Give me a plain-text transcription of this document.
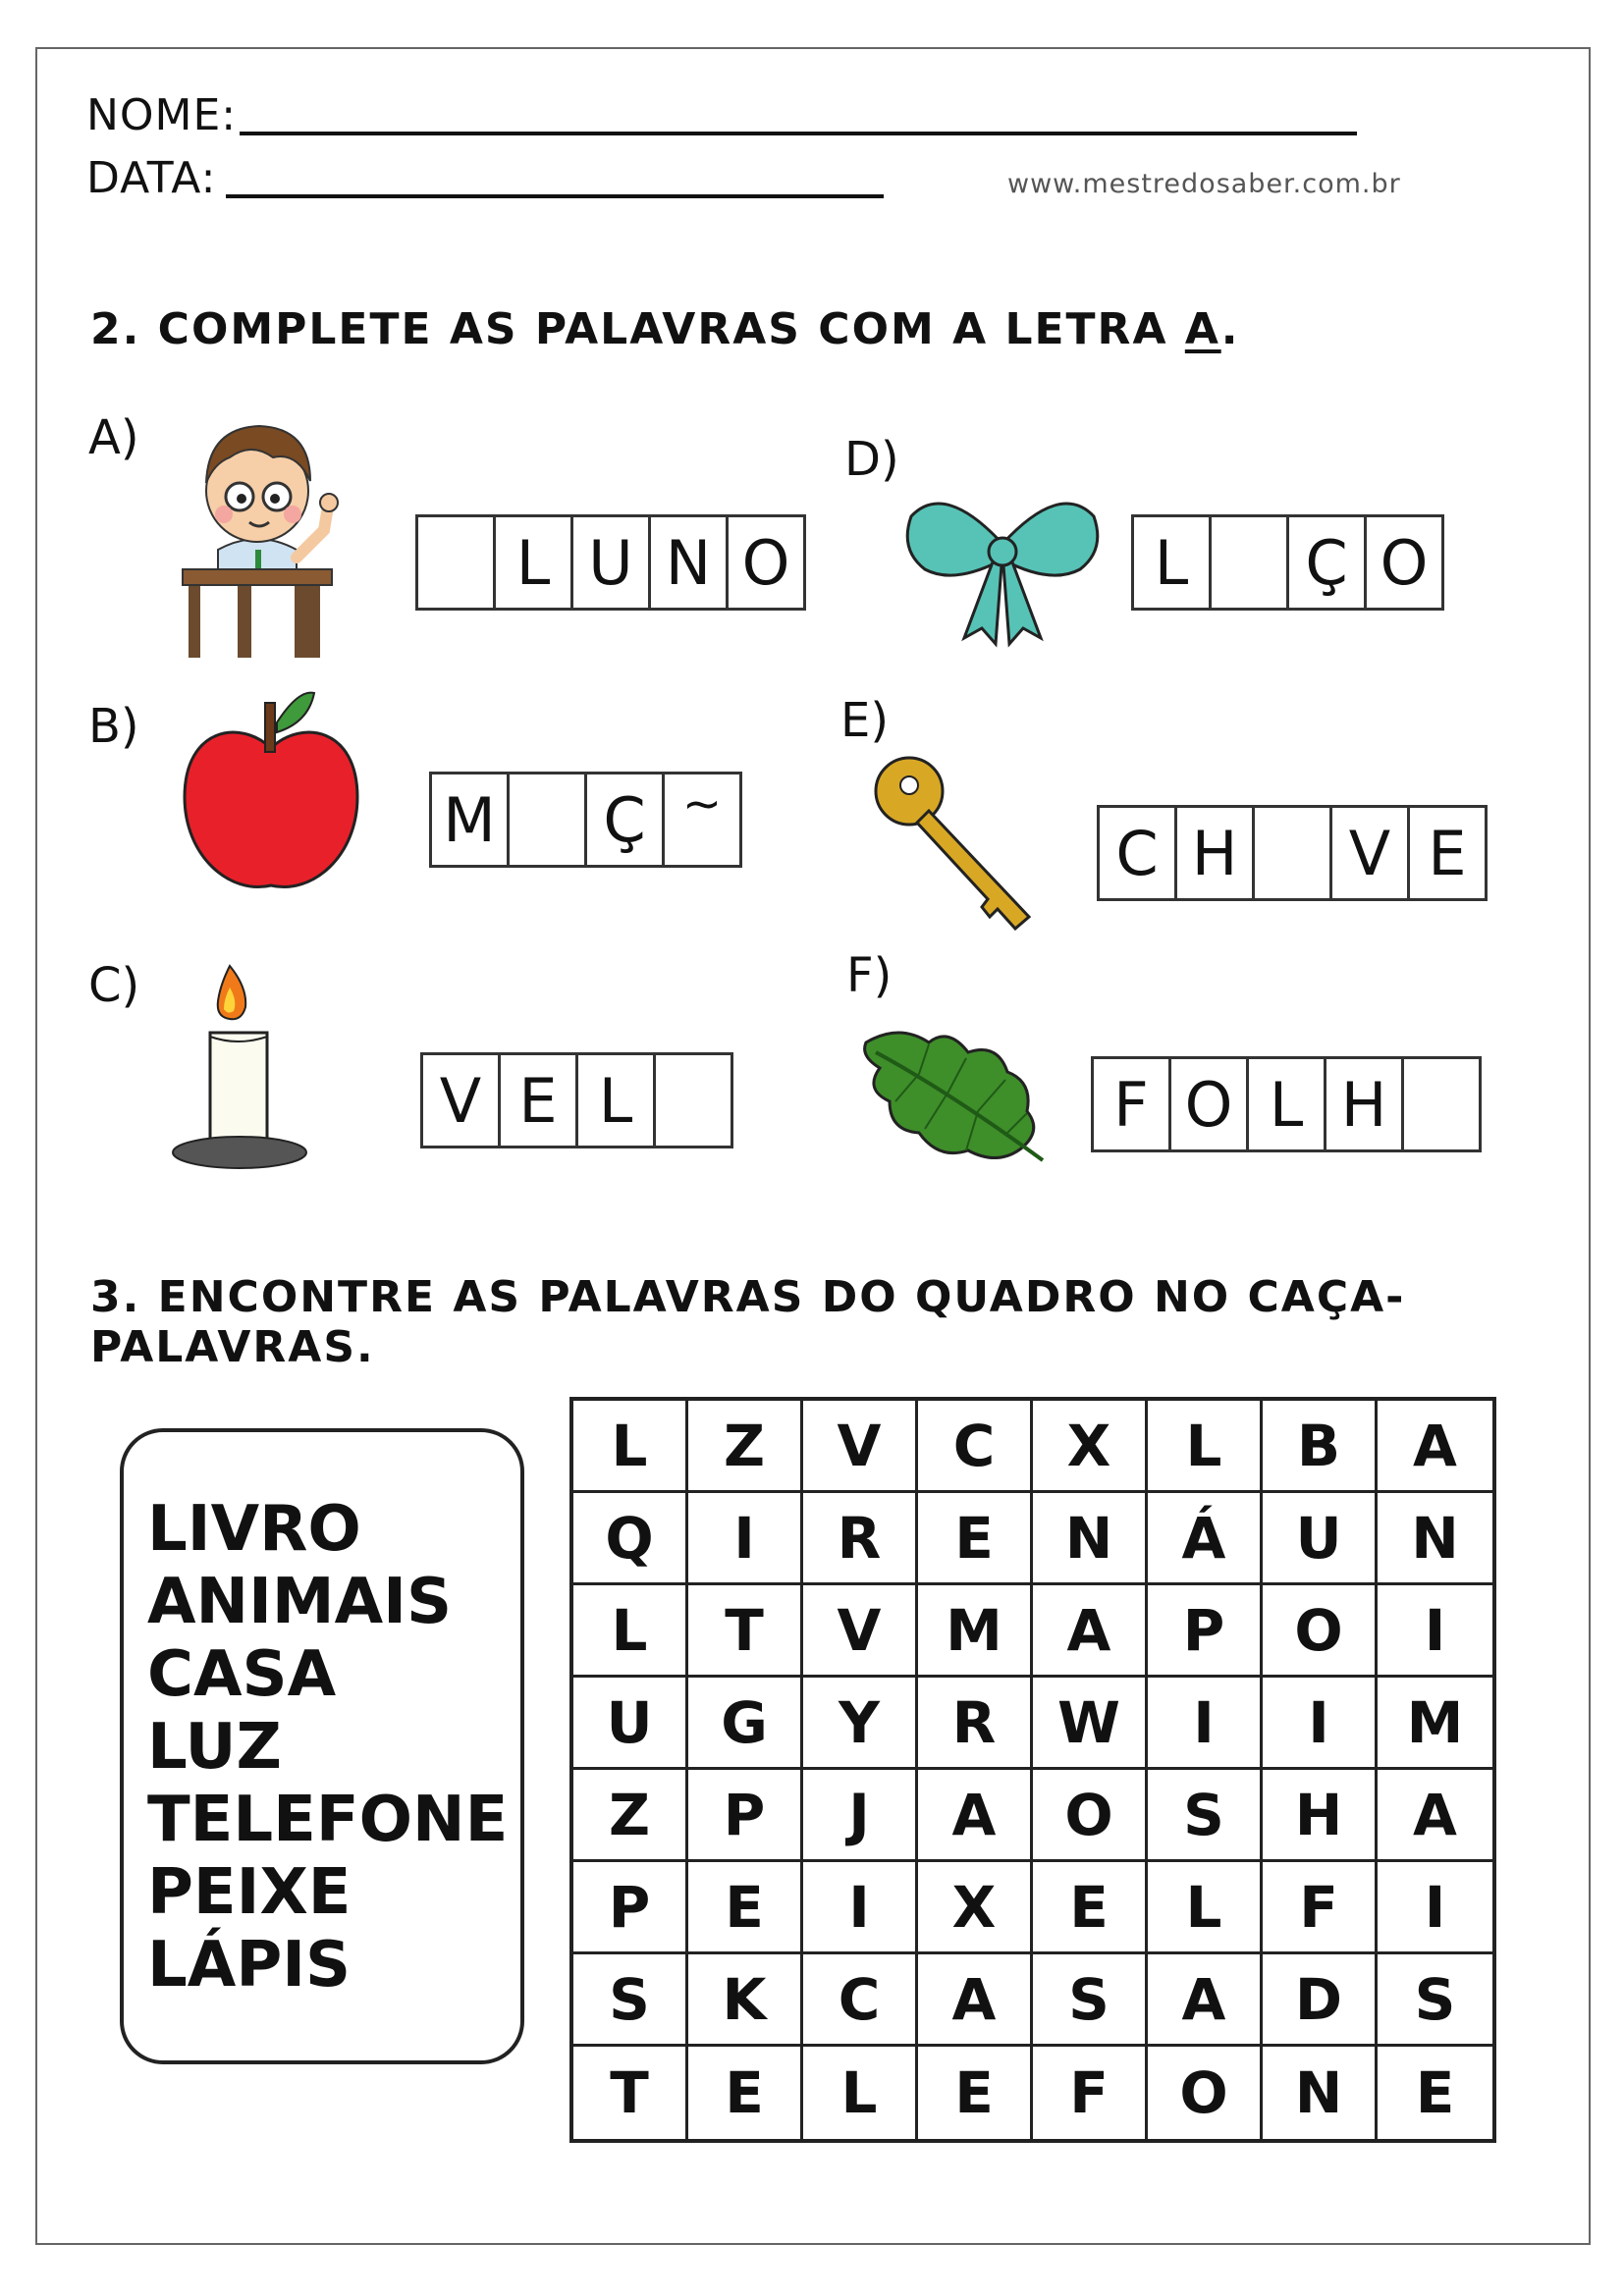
NOME:
DATA:	www.mestredosaber.com.br
2. COMPLETE AS PALAVRAS COM A LETRA A.
A)
B)
C)
D)
E)
F)
L U N O
M Ç ~
V E L
L	Ç O
C H V E
F O L H
3. ENCONTRE AS PALAVRAS DO QUADRO NO CAÇA-PALAVRAS.
LIVRO
ANIMAIS
CASA
LUZ
TELEFONE
PEIXE
LÁPIS
L	Z	V	C	X	L	B	A
Q	I	R	E	N	Á	U	N
L	T	V	M	A	P	O	I
U	G	Y	R	W	I	I	M
Z	P	J	A	O	S	H	A
P	E	I	X	E	L	F	I
S	K	C	A	S	A	D	S
T	E	L	E	F	O	N	E
